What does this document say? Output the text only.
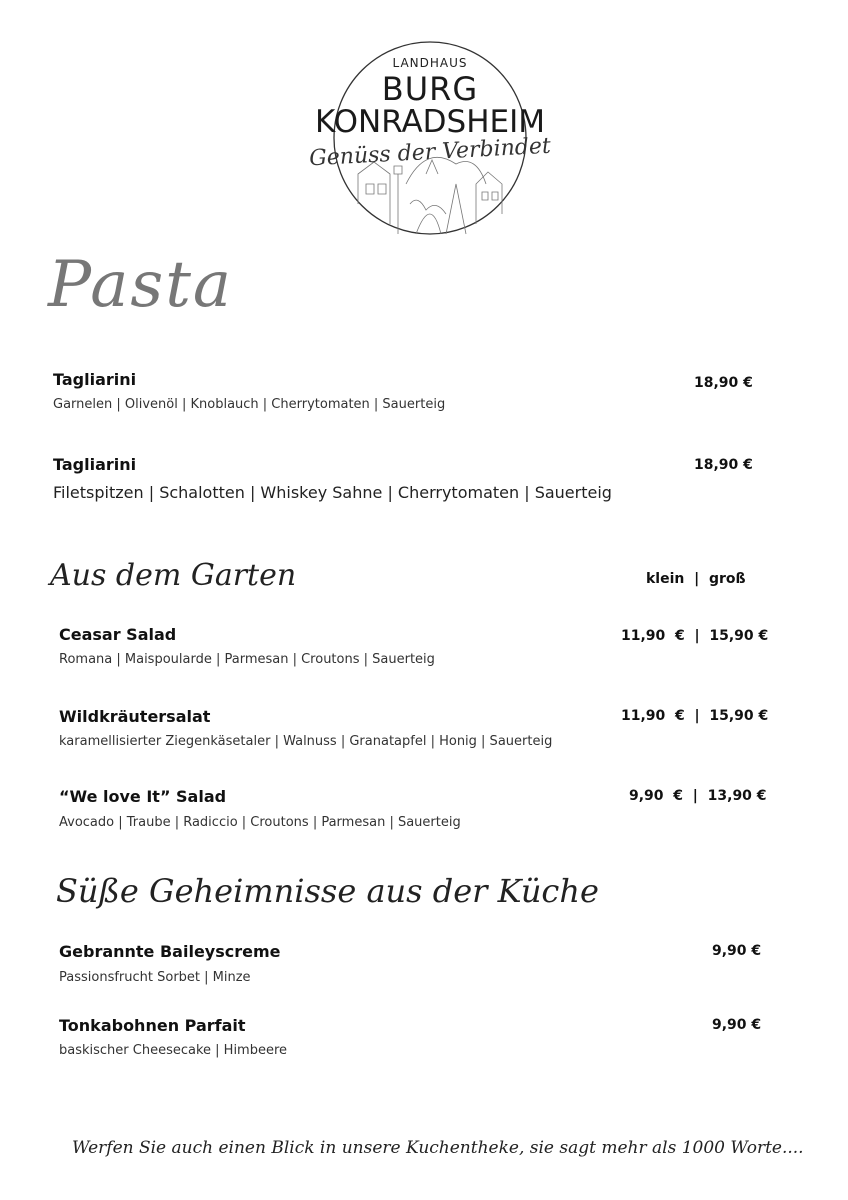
LANDHAUS
BURG
KONRADSHEIM
Genüss der Verbindet
Pasta
Tagliarini
Garnelen | Olivenöl | Knoblauch | Cherrytomaten | Sauerteig
18,90 €
Tagliarini
Filetspitzen | Schalotten | Whiskey Sahne | Cherrytomaten | Sauerteig
18,90 €
Aus dem Garten	klein  |  groß
Ceasar Salad
Romana | Maispoularde | Parmesan | Croutons | Sauerteig
11,90  €  |  15,90 €
Wildkräutersalat
karamellisierter Ziegenkäsetaler | Walnuss | Granatapfel | Honig | Sauerteig
11,90  €  |  15,90 €
“We love It” Salad
Avocado | Traube | Radiccio | Croutons | Parmesan | Sauerteig
9,90  €  |  13,90 €
Süße Geheimnisse aus der Küche
Gebrannte Baileyscreme
Passionsfrucht Sorbet | Minze
9,90 €
Tonkabohnen Parfait
baskischer Cheesecake | Himbeere
9,90 €
Werfen Sie auch einen Blick in unsere Kuchentheke, sie sagt mehr als 1000 Worte....
